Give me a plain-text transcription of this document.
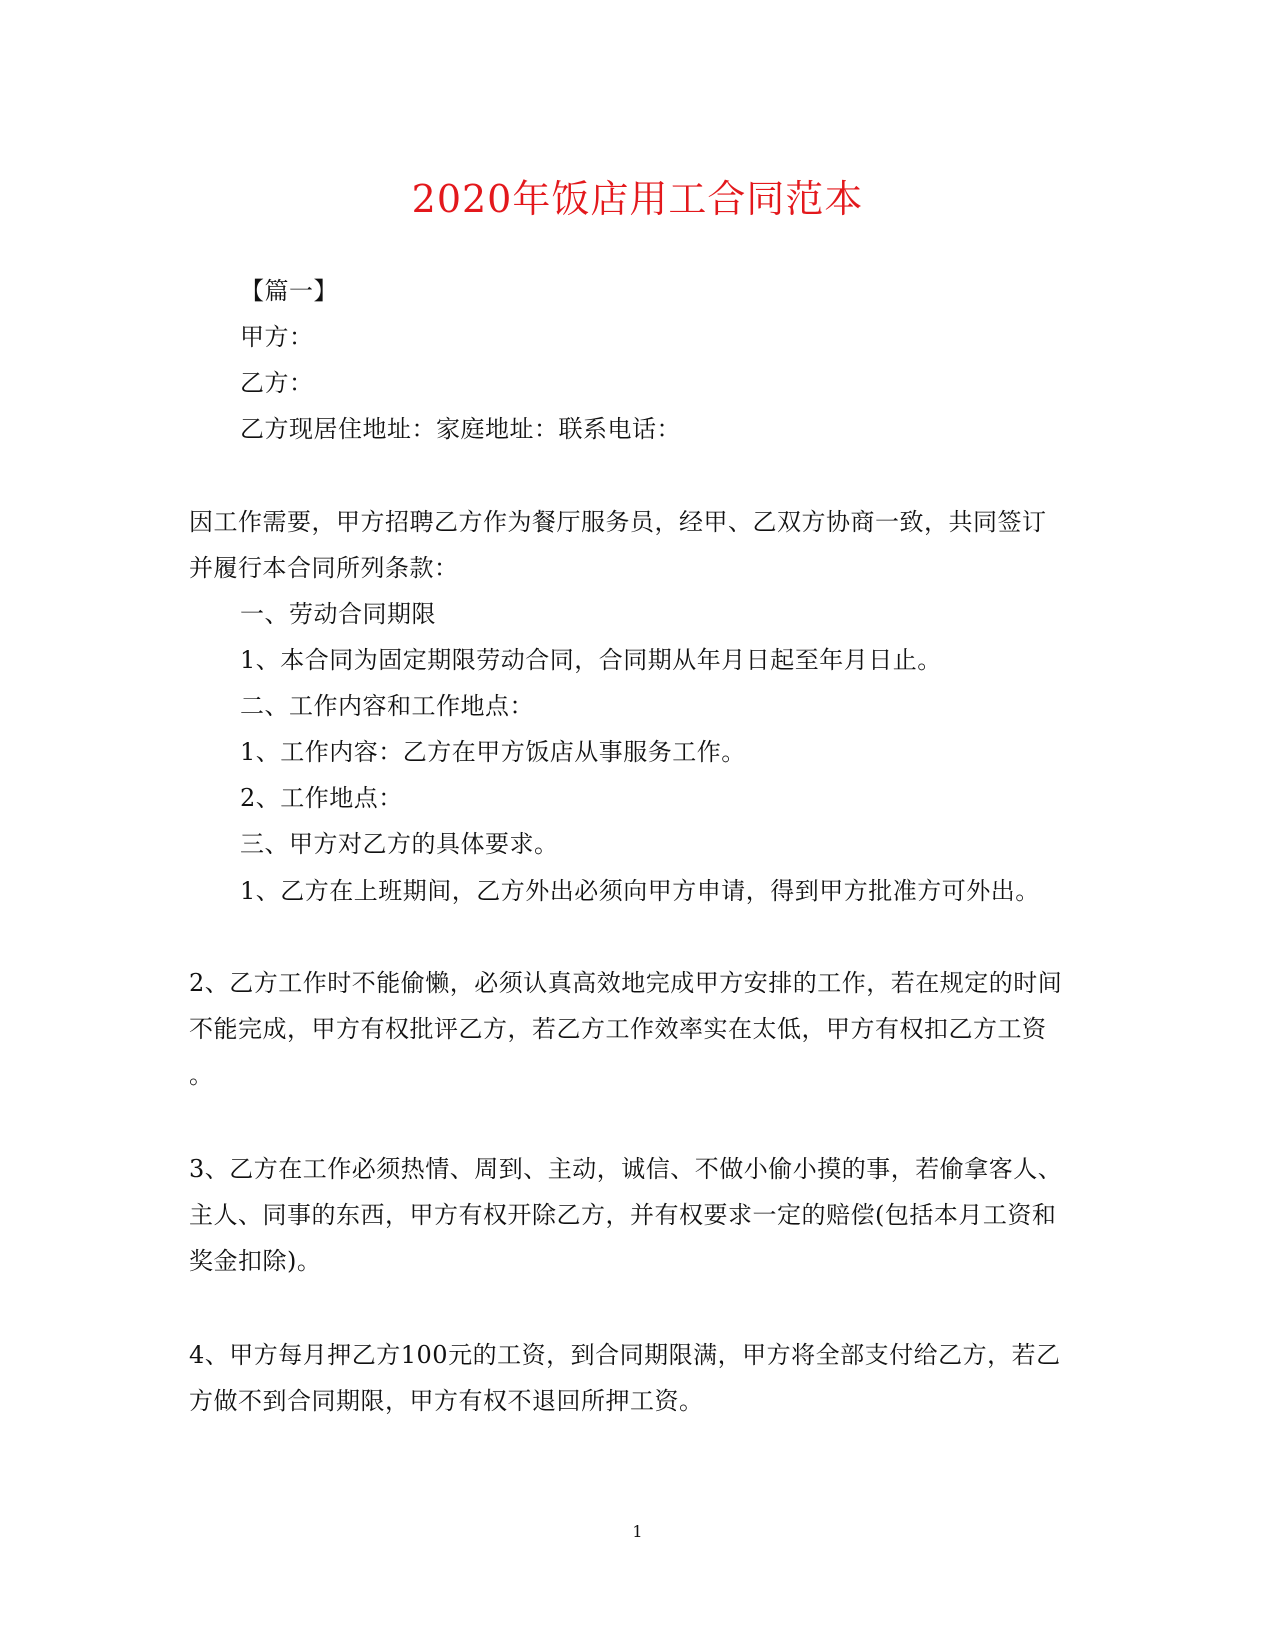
2020年饭店用工合同范本
【篇一】
甲方：
乙方：
乙方现居住地址：家庭地址：联系电话：
因工作需要，甲方招聘乙方作为餐厅服务员，经甲、乙双方协商一致，共同签订
并履行本合同所列条款：
一、劳动合同期限
1、本合同为固定期限劳动合同，合同期从年月日起至年月日止。
二、工作内容和工作地点：
1、工作内容：乙方在甲方饭店从事服务工作。
2、工作地点：
三、甲方对乙方的具体要求。
1、乙方在上班期间，乙方外出必须向甲方申请，得到甲方批准方可外出。
2、乙方工作时不能偷懒，必须认真高效地完成甲方安排的工作，若在规定的时间
不能完成，甲方有权批评乙方，若乙方工作效率实在太低，甲方有权扣乙方工资
。
3、乙方在工作必须热情、周到、主动，诚信、不做小偷小摸的事，若偷拿客人、
主人、同事的东西，甲方有权开除乙方，并有权要求一定的赔偿(包括本月工资和
奖金扣除)。
4、甲方每月押乙方100元的工资，到合同期限满，甲方将全部支付给乙方，若乙
方做不到合同期限，甲方有权不退回所押工资。
1
